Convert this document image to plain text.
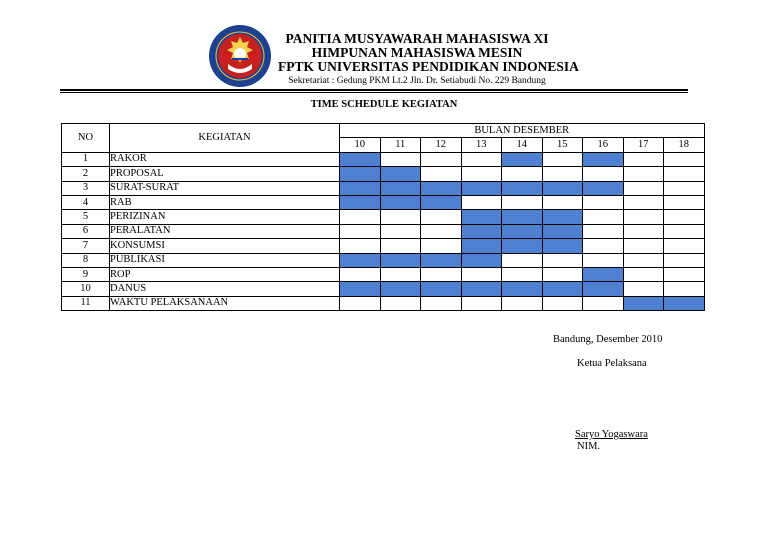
PANITIA MUSYAWARAH MAHASISWA XI
HIMPUNAN MAHASISWA MESIN
FPTK UNIVERSITAS PENDIDIKAN INDONESIA
Sekretariat : Gedung PKM Lt.2 Jln. Dr. Setiabudi No. 229 Bandung
TIME SCHEDULE KEGIATAN
NO	KEGIATAN	BULAN DESEMBER								
		10	11	12	13	14	15	16	17	18
1	RAKOR									
2	PROPOSAL									
3	SURAT-SURAT									
4	RAB									
5	PERIZINAN									
6	PERALATAN									
7	KONSUMSI									
8	PUBLIKASI									
9	ROP									
10	DANUS									
11	WAKTU PELAKSANAAN									
Bandung, Desember 2010
Ketua Pelaksana
Saryo Yogaswara
NIM.
